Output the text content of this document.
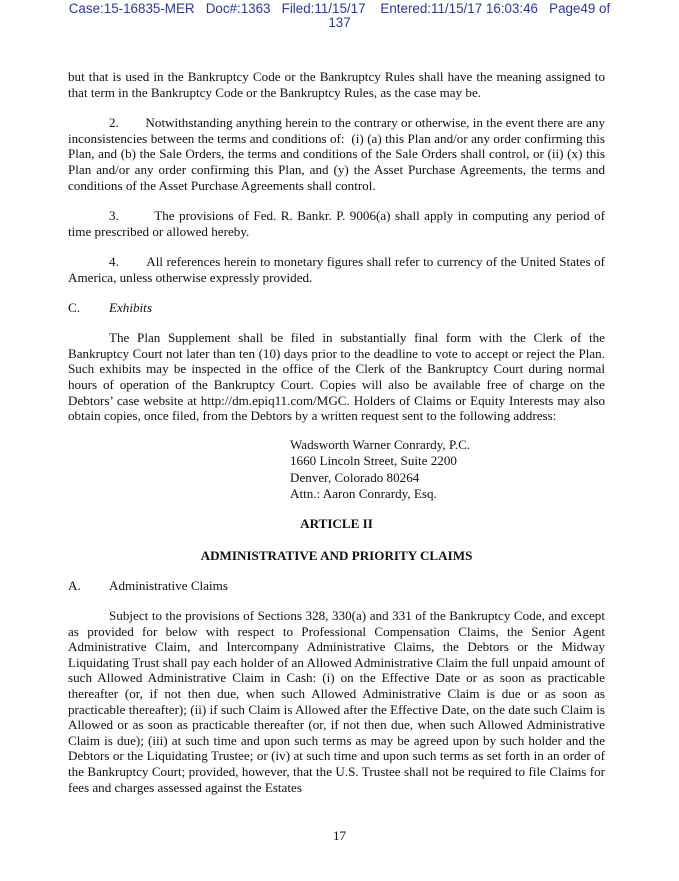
Case:15-16835-MER   Doc#:1363   Filed:11/15/17    Entered:11/15/17 16:03:46   Page49 of
137

but that is used in the Bankruptcy Code or the Bankruptcy Rules shall have the meaning assigned to that term in the Bankruptcy Code or the Bankruptcy Rules, as the case may be.

2.        Notwithstanding anything herein to the contrary or otherwise, in the event there are any inconsistencies between the terms and conditions of:  (i) (a) this Plan and/or any order confirming this Plan, and (b) the Sale Orders, the terms and conditions of the Sale Orders shall control, or (ii) (x) this Plan and/or any order confirming this Plan, and (y) the Asset Purchase Agreements, the terms and conditions of the Asset Purchase Agreements shall control.

3.        The provisions of Fed. R. Bankr. P. 9006(a) shall apply in computing any period of time prescribed or allowed hereby.

4.        All references herein to monetary figures shall refer to currency of the United States of America, unless otherwise expressly provided.

C.	Exhibits

The Plan Supplement shall be filed in substantially final form with the Clerk of the Bankruptcy Court not later than ten (10) days prior to the deadline to vote to accept or reject the Plan. Such exhibits may be inspected in the office of the Clerk of the Bankruptcy Court during normal hours of operation of the Bankruptcy Court. Copies will also be available free of charge on the Debtors’ case website at http://dm.epiq11.com/MGC. Holders of Claims or Equity Interests may also obtain copies, once filed, from the Debtors by a written request sent to the following address:

Wadsworth Warner Conrardy, P.C.
1660 Lincoln Street, Suite 2200
Denver, Colorado 80264
Attn.: Aaron Conrardy, Esq.

ARTICLE II

ADMINISTRATIVE AND PRIORITY CLAIMS

A.	Administrative Claims

Subject to the provisions of Sections 328, 330(a) and 331 of the Bankruptcy Code, and except as provided for below with respect to Professional Compensation Claims, the Senior Agent Administrative Claim, and Intercompany Administrative Claims, the Debtors or the Midway Liquidating Trust shall pay each holder of an Allowed Administrative Claim the full unpaid amount of such Allowed Administrative Claim in Cash: (i) on the Effective Date or as soon as practicable thereafter (or, if not then due, when such Allowed Administrative Claim is due or as soon as practicable thereafter); (ii) if such Claim is Allowed after the Effective Date, on the date such Claim is Allowed or as soon as practicable thereafter (or, if not then due, when such Allowed Administrative Claim is due); (iii) at such time and upon such terms as may be agreed upon by such holder and the Debtors or the Liquidating Trustee; or (iv) at such time and upon such terms as set forth in an order of the Bankruptcy Court; provided, however, that the U.S. Trustee shall not be required to file Claims for fees and charges assessed against the Estates

17
